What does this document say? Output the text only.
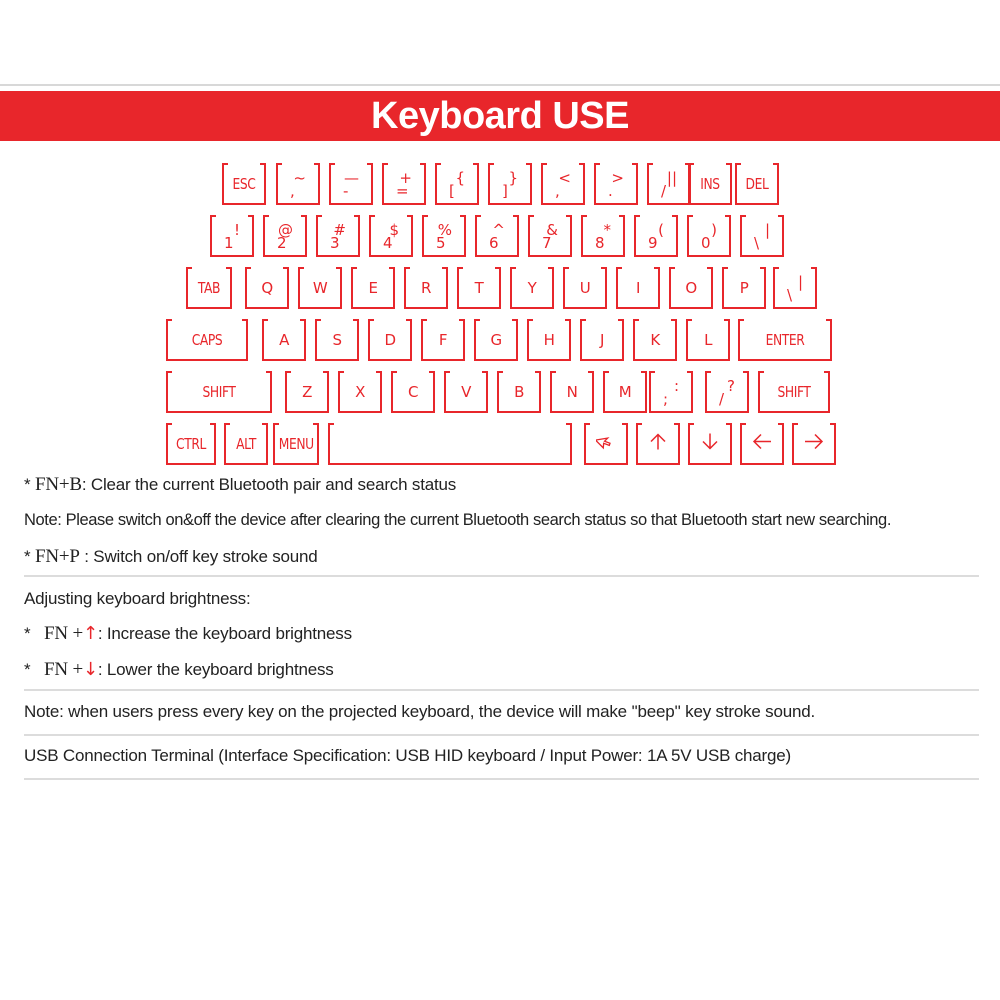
Keyboard USE
ESC	~
,
—
-
+
=
{
[
}
]
<
,
>
.
||
/	INS	DEL
!
1
@
2
#
3
$
4
%
5
^
6
&
7
*
8
(
9
)
0
|
\
TAB	Q	W	E	R	T	Y	U	I	O	P	|
\
CAPS	A	S	D	F	G	H	J	K	L	ENTER
SHIFT	Z	X	C	V	B	N	M	:
;
?
/	SHIFT
CTRL	ALT	MENU
* FN+B: Clear the current Bluetooth pair and search status
Note: Please switch on&off the device after clearing the current Bluetooth search status so that Bluetooth start new searching.
* FN+P : Switch on/off key stroke sound
Adjusting keyboard brightness:
* FN +↑: Increase the keyboard brightness
* FN +↓: Lower the keyboard brightness
Note: when users press every key on the projected keyboard, the device will make ''beep'' key stroke sound.
USB Connection Terminal (Interface Specification: USB HID keyboard / Input Power: 1A 5V USB charge)
